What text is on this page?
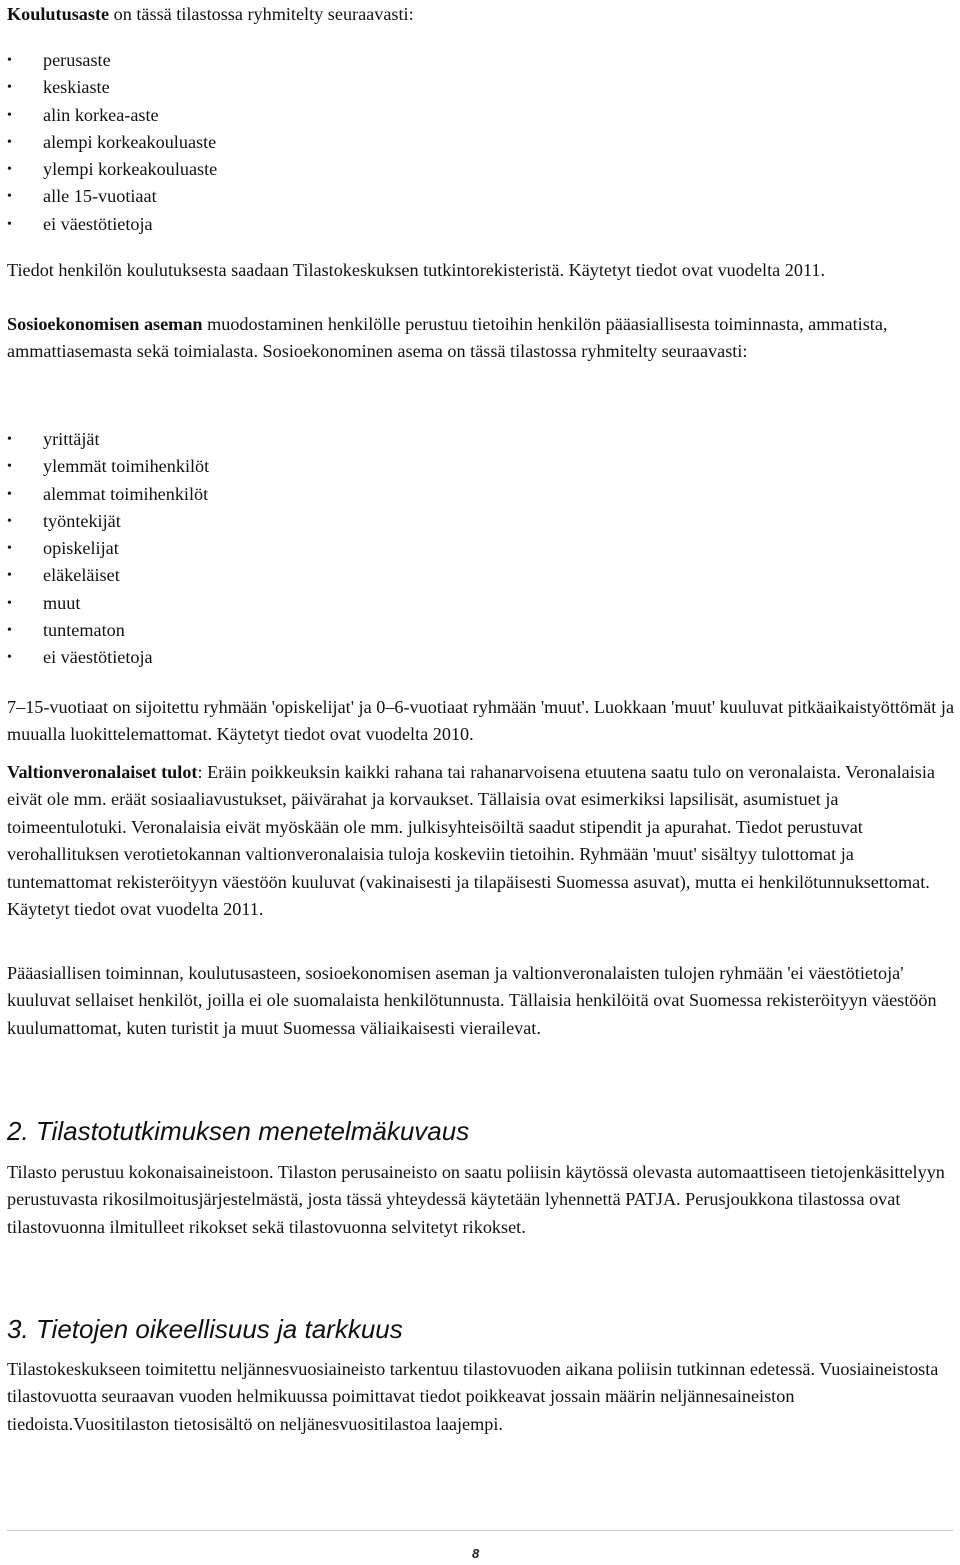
Koulutusaste on tässä tilastossa ryhmitelty seuraavasti:

• perusaste
• keskiaste
• alin korkea-aste
• alempi korkeakouluaste
• ylempi korkeakouluaste
• alle 15-vuotiaat
• ei väestötietoja

Tiedot henkilön koulutuksesta saadaan Tilastokeskuksen tutkintorekisteristä. Käytetyt tiedot ovat vuodelta 2011.

Sosioekonomisen aseman muodostaminen henkilölle perustuu tietoihin henkilön pääasiallisesta toiminnasta, ammatista, ammattiasemasta sekä toimialasta. Sosioekonominen asema on tässä tilastossa ryhmitelty seuraavasti:

• yrittäjät
• ylemmät toimihenkilöt
• alemmat toimihenkilöt
• työntekijät
• opiskelijat
• eläkeläiset
• muut
• tuntematon
• ei väestötietoja

7–15-vuotiaat on sijoitettu ryhmään 'opiskelijat' ja 0–6-vuotiaat ryhmään 'muut'. Luokkaan 'muut' kuuluvat pitkäaikaistyöttömät ja muualla luokittelemattomat. Käytetyt tiedot ovat vuodelta 2010.

Valtionveronalaiset tulot: Eräin poikkeuksin kaikki rahana tai rahanarvoisena etuutena saatu tulo on veronalaista. Veronalaisia eivät ole mm. eräät sosiaaliavustukset, päivärahat ja korvaukset. Tällaisia ovat esimerkiksi lapsilisät, asumistuet ja toimeentulotuki. Veronalaisia eivät myöskään ole mm. julkisyhteisöiltä saadut stipendit ja apurahat. Tiedot perustuvat verohallituksen verotietokannan valtionveronalaisia tuloja koskeviin tietoihin. Ryhmään 'muut' sisältyy tulottomat ja tuntemattomat rekisteröityyn väestöön kuuluvat (vakinaisesti ja tilapäisesti Suomessa asuvat), mutta ei henkilötunnuksettomat. Käytetyt tiedot ovat vuodelta 2011.

Pääasiallisen toiminnan, koulutusasteen, sosioekonomisen aseman ja valtionveronalaisten tulojen ryhmään 'ei väestötietoja' kuuluvat sellaiset henkilöt, joilla ei ole suomalaista henkilötunnusta. Tällaisia henkilöitä ovat Suomessa rekisteröityyn väestöön kuulumattomat, kuten turistit ja muut Suomessa väliaikaisesti vierailevat.

2. Tilastotutkimuksen menetelmäkuvaus

Tilasto perustuu kokonaisaineistoon. Tilaston perusaineisto on saatu poliisin käytössä olevasta automaattiseen tietojenkäsittelyyn perustuvasta rikosilmoitusjärjestelmästä, josta tässä yhteydessä käytetään lyhennettä PATJA. Perusjoukkona tilastossa ovat tilastovuonna ilmitulleet rikokset sekä tilastovuonna selvitetyt rikokset.

3. Tietojen oikeellisuus ja tarkkuus

Tilastokeskukseen toimitettu neljännesvuosiaineisto tarkentuu tilastovuoden aikana poliisin tutkinnan edetessä. Vuosiaineistosta tilastovuotta seuraavan vuoden helmikuussa poimittavat tiedot poikkeavat jossain määrin neljännesaineiston tiedoista.Vuositilaston tietosisältö on neljänesvuositilastoa laajempi.

8
